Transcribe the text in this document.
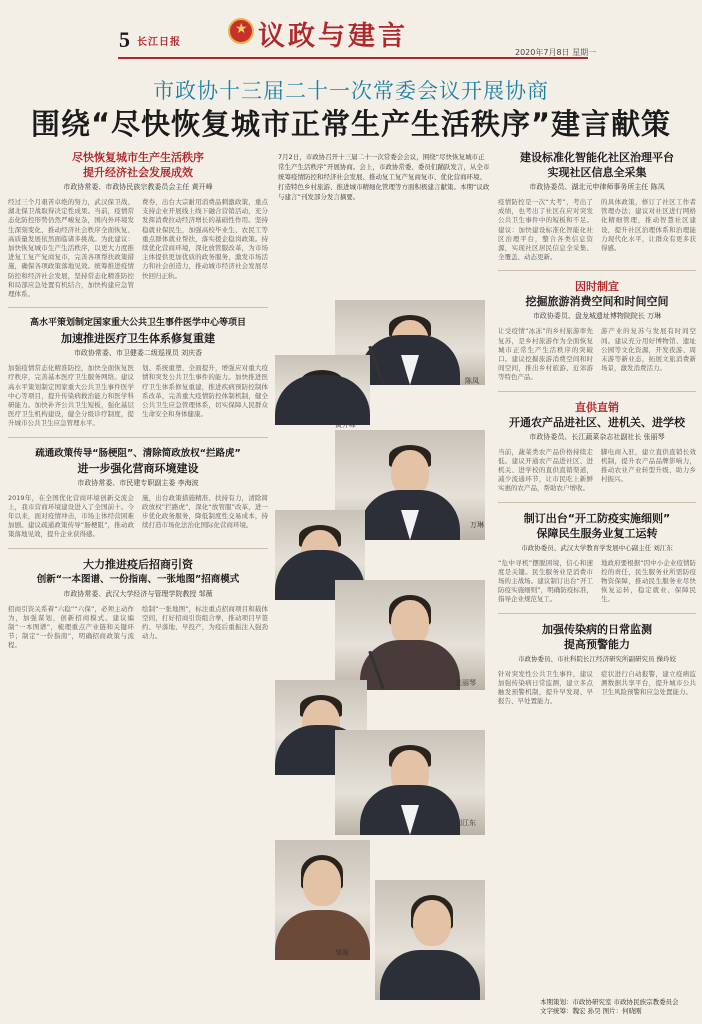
5 长江日报
★	议政与建言
2020年7月8日 星期一
市政协十三届二十一次常委会议开展协商
围绕“尽快恢复城市正常生产生活秩序”建言献策
尽快恢复城市生产生活秩序
提升经济社会发展成效
市政协常委、市政协民族宗教委员会主任 黄开峰
经过三个月艰苦卓绝的努力，武汉保卫战、湖北保卫战取得决定性成果。当前，疫情常态化防控形势仍然严峻复杂，国内外环境发生深刻变化，推动经济社会秩序全面恢复、高质量发展依然面临诸多挑战。为此建议：加快恢复城市生产生活秩序，以更大力度推进复工复产复商复市，完善各项帮扶政策措施，确保各项政策落地见效。统筹推进疫情防控和经济社会发展，坚持常态化精准防控和局部应急处置有机结合，加快构建应急管理体系。
费券，出台大宗耐用消费品刺激政策，重点支持企业开展线上线下融合营销活动，充分发挥消费拉动经济增长的基础性作用。坚持稳就业保民生，加强高校毕业生、农民工等重点群体就业帮扶，落实援企稳岗政策。持续优化营商环境，深化放管服改革，为市场主体提供更加优质的政务服务，激发市场活力和社会创造力，推动城市经济社会发展尽快回归正轨。
高水平策划制定国家重大公共卫生事件医学中心等项目
加速推进医疗卫生体系修复重建
市政协常委、市卫健委二级巡视员 刘庆香
加强疫情常态化精准防控，加快全面恢复医疗秩序，完善基本医疗卫生服务网络。建议高水平策划制定国家重大公共卫生事件医学中心等项目，提升传染病救治能力和医学科研能力。加快补齐公共卫生短板，强化基层医疗卫生机构建设，健全分级诊疗制度，提升城市公共卫生应急管理水平。
划、系统重塑、全面提升，增强应对重大疫情和突发公共卫生事件的能力。加快推进医疗卫生体系修复重建，推进疾病预防控制体系改革，完善重大疫情防控体制机制，健全公共卫生应急管理体系，切实保障人民群众生命安全和身体健康。
疏通政策传导“肠梗阻”、清除简政放权“拦路虎”
进一步强化营商环境建设
市政协常委、市民建专职副主委 李海波
2019年，在全国优化营商环境创新交流会上，我市营商环境建设进入了全国前十。今年以来，面对疫情冲击，市场主体经营困难加剧。建议疏通政策传导“肠梗阻”，推动政策落地见效，提升企业获得感。
施，出台政策措施精准、扶持有力，清除简政放权“拦路虎”，深化“放管服”改革，进一步优化政务服务，降低制度性交易成本，持续打造市场化法治化国际化营商环境。
大力推进疫后招商引资
创新“一本图谱、一份指南、一张地图”招商模式
市政协常委、武汉大学经济与管理学院教授 邹薇
招商引资关系着“六稳”“六保”，必须主动作为，加强谋划，创新招商模式。建议编制“一本图谱”，梳理重点产业链和关键环节；制定“一份指南”，明确招商政策与流程。
绘制“一张地图”，标注重点招商项目和载体空间，打好招商引资组合拳，推动项目早签约、早落地、早投产，为疫后重振注入强劲动力。
7月2日，市政协召开十三届二十一次常委会会议，围绕“尽快恢复城市正常生产生活秩序”开展协商。会上，市政协常委、委员们踊跃发言，从全市统筹疫情防控和经济社会发展、推动复工复产复商复市、优化营商环境、打造特色乡村旅游、推进城市精细化管理等方面积极建言献策。本期“议政与建言”刊发部分发言摘要。
陈凤
黄开峰
万琳
张丽琴
刘江东
邹薇
操玲姣
建设标准化智能化社区治理平台
实现社区信息全采集
市政协委员、湖北元申律师事务所主任 陈凤
疫情防控是一次“大考”，考出了成绩，也考出了社区在应对突发公共卫生事件中的短板和不足。建议：加快建设标准化智能化社区治理平台，整合各类信息资源，实现社区居民信息全采集、全覆盖、动态更新。
的具体政策，修订了社区工作者管理办法；建议对社区进行网格化精细管理，推动智慧社区建设，提升社区治理体系和治理能力现代化水平，让群众有更多获得感。
因时制宜
挖掘旅游消费空间和时间空间
市政协委员、盘龙城遗址博物院院长 万琳
让受疫情“冰冻”的乡村旅游率先复苏，是乡村旅游作为全面恢复城市正常生产生活秩序的突破口。建议挖掘旅游消费空间和时间空间，推出乡村旅游、近郊游等特色产品。
游产业的复苏与发展有时间空间。建议充分用好博物馆、遗址公园等文化资源，开发夜游、周末游等新业态，拓展文旅消费新场景，激发消费活力。
直供直销
开通农产品进社区、进机关、进学校
市政协委员、长江蔬菜杂志社副社长 张丽琴
当前，蔬菜类农产品价格持续走低。建议开通农产品进社区、进机关、进学校的直供直销渠道，减少流通环节，让市民吃上新鲜实惠的农产品，帮助农户增收。
脚电商入驻，建立直供直销长效机制，提升农产品品牌影响力，推动农业产业转型升级，助力乡村振兴。
制订出台“开工防疫实施细则”
保障民生服务业复工运转
市政协委员、武汉大学教育学发展中心副主任 刘江东
“危中寻机”摆脱困境，信心和速度是关键。民生服务业是消费市场的主战场。建议制订出台“开工防疫实施细则”，明确防疫标准，指导企业规范复工。
地政府要根据“因中小企业疫情防控的责任，民生服务业所需防疫物资保障，推动民生服务业尽快恢复运转，稳定就业、保障民生。
加强传染病的日常监测
提高预警能力
市政协委员、市社科院长江经济研究所副研究员 操玲姣
针对突发性公共卫生事件，建议加强传染病日常监测，建立多点触发预警机制，提升早发现、早报告、早处置能力。
症状进行自动报警，建立疫病监测数据共享平台，提升城市公共卫生风险预警和应急处置能力。
本期策划：市政协研究室 市政协民族宗教委员会
文字统筹：魏宏 孙昊 图片：何晓刚
